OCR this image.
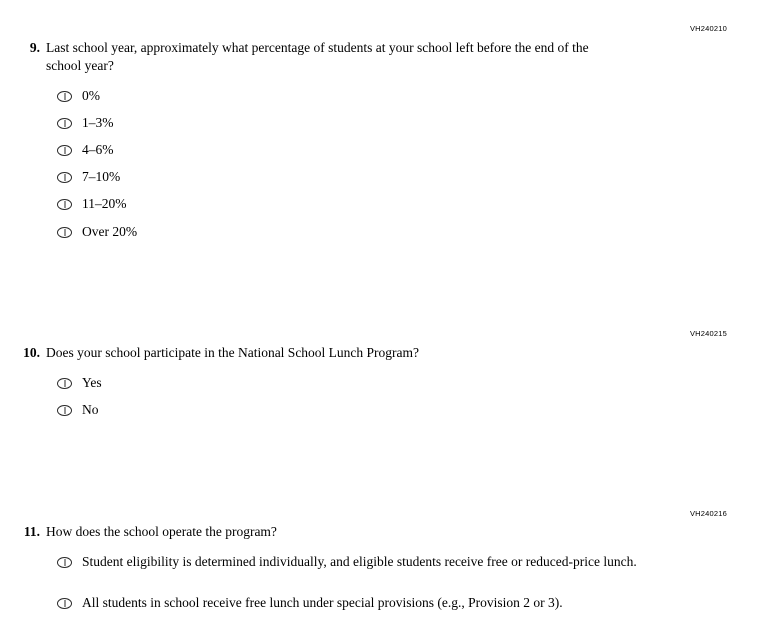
VH240210
9. Last school year, approximately what percentage of students at your school left before the end of the school year?
0%
1–3%
4–6%
7–10%
11–20%
Over 20%
VH240215
10. Does your school participate in the National School Lunch Program?
Yes
No
VH240216
11. How does the school operate the program?
Student eligibility is determined individually, and eligible students receive free or reduced-price lunch.
All students in school receive free lunch under special provisions (e.g., Provision 2 or 3).
